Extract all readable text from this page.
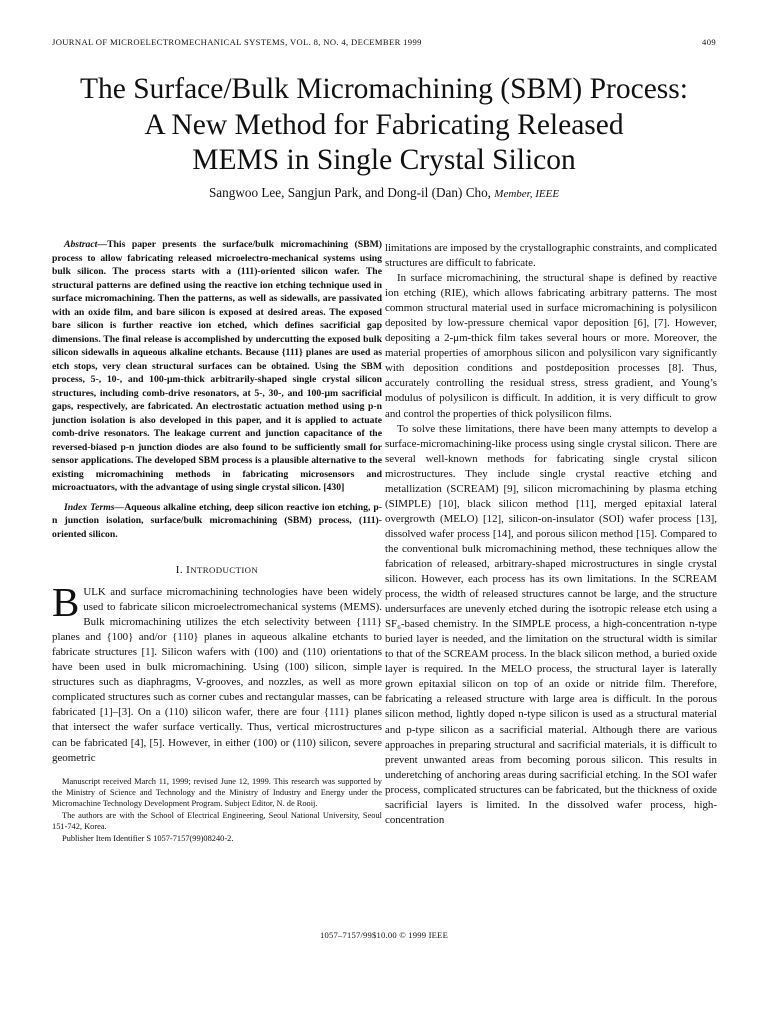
JOURNAL OF MICROELECTROMECHANICAL SYSTEMS, VOL. 8, NO. 4, DECEMBER 1999	409
The Surface/Bulk Micromachining (SBM) Process:
A New Method for Fabricating Released
MEMS in Single Crystal Silicon
Sangwoo Lee, Sangjun Park, and Dong-il (Dan) Cho, Member, IEEE

Abstract—This paper presents the surface/bulk micromachining (SBM) process to allow fabricating released microelectro-mechanical systems using bulk silicon. The process starts with a (111)-oriented silicon wafer. The structural patterns are defined using the reactive ion etching technique used in surface micromachining. Then the patterns, as well as sidewalls, are passivated with an oxide film, and bare silicon is exposed at desired areas. The exposed bare silicon is further reactive ion etched, which defines sacrificial gap dimensions. The final release is accomplished by undercutting the exposed bulk silicon sidewalls in aqueous alkaline etchants. Because {111} planes are used as etch stops, very clean structural surfaces can be obtained. Using the SBM process, 5-, 10-, and 100-μm-thick arbitrarily-shaped single crystal silicon structures, including comb-drive resonators, at 5-, 30-, and 100-μm sacrificial gaps, respectively, are fabricated. An electrostatic actuation method using p-n junction isolation is also developed in this paper, and it is applied to actuate comb-drive resonators. The leakage current and junction capacitance of the reversed-biased p-n junction diodes are also found to be sufficiently small for sensor applications. The developed SBM process is a plausible alternative to the existing micromachining methods in fabricating microsensors and microactuators, with the advantage of using single crystal silicon. [430]

Index Terms—Aqueous alkaline etching, deep silicon reactive ion etching, p-n junction isolation, surface/bulk micromachining (SBM) process, (111)-oriented silicon.

I. INTRODUCTION

BULK and surface micromachining technologies have been widely used to fabricate silicon microelectromechanical systems (MEMS). Bulk micromachining utilizes the etch selectivity between {111} planes and {100} and/or {110} planes in aqueous alkaline etchants to fabricate structures [1]. Silicon wafers with (100) and (110) orientations have been used in bulk micromachining. Using (100) silicon, simple structures such as diaphragms, V-grooves, and nozzles, as well as more complicated structures such as corner cubes and rectangular masses, can be fabricated [1]–[3]. On a (110) silicon wafer, there are four {111} planes that intersect the wafer surface vertically. Thus, vertical microstructures can be fabricated [4], [5]. However, in either (100) or (110) silicon, severe geometric

Manuscript received March 11, 1999; revised June 12, 1999. This research was supported by the Ministry of Science and Technology and the Ministry of Industry and Energy under the Micromachine Technology Development Program. Subject Editor, N. de Rooij.

The authors are with the School of Electrical Engineering, Seoul National University, Seoul 151-742, Korea.

Publisher Item Identifier S 1057-7157(99)08240-2.

limitations are imposed by the crystallographic constraints, and complicated structures are difficult to fabricate.

In surface micromachining, the structural shape is defined by reactive ion etching (RIE), which allows fabricating arbitrary patterns. The most common structural material used in surface micromachining is polysilicon deposited by low-pressure chemical vapor deposition [6], [7]. However, depositing a 2-μm-thick film takes several hours or more. Moreover, the material properties of amorphous silicon and polysilicon vary significantly with deposition conditions and postdeposition processes [8]. Thus, accurately controlling the residual stress, stress gradient, and Young’s modulus of polysilicon is difficult. In addition, it is very difficult to grow and control the properties of thick polysilicon films.

To solve these limitations, there have been many attempts to develop a surface-micromachining-like process using single crystal silicon. There are several well-known methods for fabricating single crystal silicon microstructures. They include single crystal reactive etching and metallization (SCREAM) [9], silicon micromachining by plasma etching (SIMPLE) [10], black silicon method [11], merged epitaxial lateral overgrowth (MELO) [12], silicon-on-insulator (SOI) wafer process [13], dissolved wafer process [14], and porous silicon method [15]. Compared to the conventional bulk micromachining method, these techniques allow the fabrication of released, arbitrary-shaped microstructures in single crystal silicon. However, each process has its own limitations. In the SCREAM process, the width of released structures cannot be large, and the structure undersurfaces are unevenly etched during the isotropic release etch using a SF₆-based chemistry. In the SIMPLE process, a high-concentration n-type buried layer is needed, and the limitation on the structural width is similar to that of the SCREAM process. In the black silicon method, a buried oxide layer is required. In the MELO process, the structural layer is laterally grown epitaxial silicon on top of an oxide or nitride film. Therefore, fabricating a released structure with large area is difficult. In the porous silicon method, lightly doped n-type silicon is used as a structural material and p-type silicon as a sacrificial material. Although there are various approaches in preparing structural and sacrificial materials, it is difficult to prevent unwanted areas from becoming porous silicon. This results in underetching of anchoring areas during sacrificial etching. In the SOI wafer process, complicated structures can be fabricated, but the thickness of oxide sacrificial layers is limited. In the dissolved wafer process, high-concentration

1057–7157/99$10.00 © 1999 IEEE
